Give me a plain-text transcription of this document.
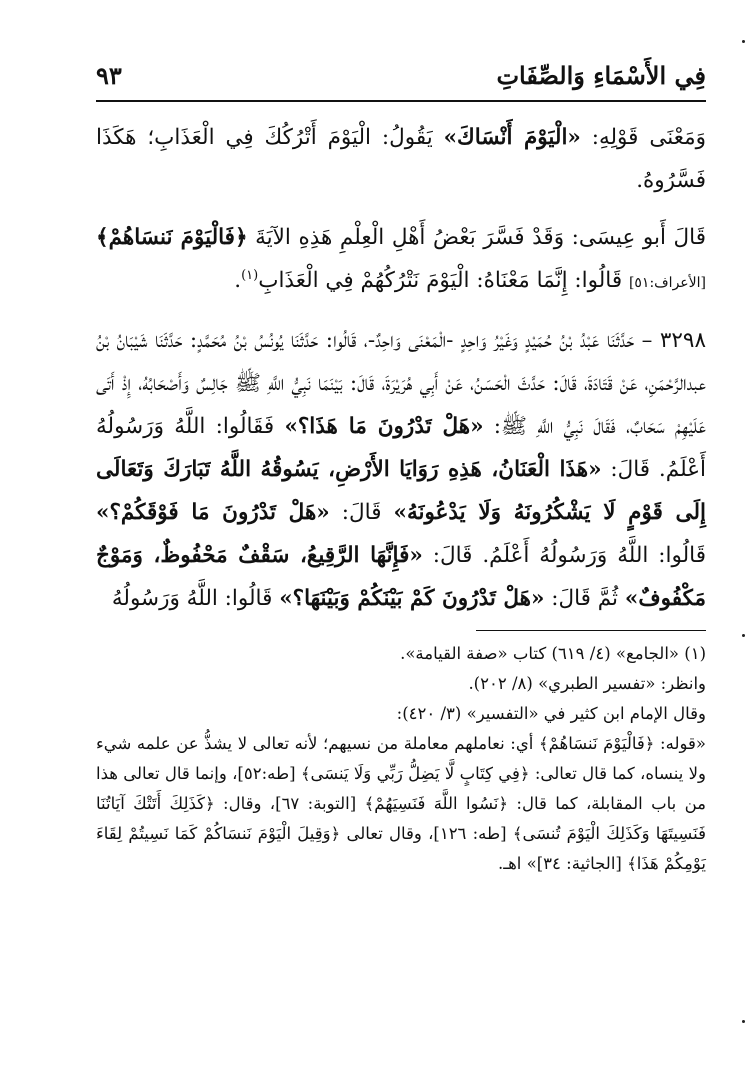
فِي الأَسْمَاءِ وَالصِّفَاتِ
٩٣

وَمَعْنَى قَوْلِهِ: «الْيَوْمَ أَنْسَاكَ» يَقُولُ: الْيَوْمَ أَتْرُكُكَ فِي الْعَذَابِ؛ هَكَذَا فَسَّرُوهُ.

قَالَ أَبو عِيسَى: وَقَدْ فَسَّرَ بَعْضُ أَهْلِ الْعِلْمِ هَذِهِ الآيَةَ ﴿فَالْيَوْمَ نَنسَاهُمْ﴾ [الأعراف:٥١] قَالُوا: إِنَّمَا مَعْنَاهُ: الْيَوْمَ نَتْرُكُهُمْ فِي الْعَذَابِ$^{(١)}$.

٣٢٩٨ – حَدَّثَنَا عَبْدُ بْنُ حُمَيْدٍ وَغَيْرُ وَاحِدٍ -الْمَعْنَى وَاحِدٌ-، قَالُوا: حَدَّثَنَا يُونُسُ بْنُ مُحَمَّدٍ: حَدَّثَنَا شَيْبَانُ بْنُ عبدالرَّحْمَنِ، عَنْ قَتَادَةَ، قَالَ: حَدَّثَ الْحَسَنُ، عَنْ أَبِي هُرَيْرَةَ، قَالَ: بَيْنَمَا نَبِيُّ اللَّهِ ﷺ جَالِسٌ وَأَصْحَابُهُ، إِذْ أَتَى عَلَيْهِمْ سَحَابٌ، فَقَالَ نَبِيُّ اللَّهِ ﷺ: «هَلْ تَدْرُونَ مَا هَذَا؟» فَقَالُوا: اللَّهُ وَرَسُولُهُ أَعْلَمُ. قَالَ: «هَذَا الْعَنَانُ، هَذِهِ رَوَايَا الأَرْضِ، يَسُوقُهُ اللَّهُ تَبَارَكَ وَتَعَالَى إِلَى قَوْمٍ لَا يَشْكُرُونَهُ وَلَا يَدْعُونَهُ» قَالَ: «هَلْ تَدْرُونَ مَا فَوْقَكُمْ؟» قَالُوا: اللَّهُ وَرَسُولُهُ أَعْلَمُ. قَالَ: «فَإِنَّهَا الرَّقِيعُ، سَقْفٌ مَحْفُوظٌ، وَمَوْجٌ مَكْفُوفٌ» ثُمَّ قَالَ: «هَلْ تَدْرُونَ كَمْ بَيْنَكُمْ وَبَيْنَهَا؟» قَالُوا: اللَّهُ وَرَسُولُهُ

(١) «الجامع» (٤/ ٦١٩) كتاب «صفة القيامة».

وانظر: «تفسير الطبري» (٨/ ٢٠٢).

وقال الإمام ابن كثير في «التفسير» (٣/ ٤٢٠):

«قوله: ﴿فَالْيَوْمَ نَنسَاهُمْ﴾ أي: نعاملهم معاملة من نسيهم؛ لأنه تعالى لا يشذُّ عن علمه شيء ولا ينساه، كما قال تعالى: ﴿فِي كِتَابٍ لَّا يَضِلُّ رَبِّي وَلَا يَنسَى﴾ [طه:٥٢]، وإنما قال تعالى هذا من باب المقابلة، كما قال: ﴿نَسُوا اللَّهَ فَنَسِيَهُمْ﴾ [التوبة: ٦٧]، وقال: ﴿كَذَلِكَ أَتَتْكَ آيَاتُنَا فَنَسِيتَهَا وَكَذَلِكَ الْيَوْمَ تُنسَى﴾ [طه: ١٢٦]، وقال تعالى ﴿وَقِيلَ الْيَوْمَ نَنسَاكُمْ كَمَا نَسِيتُمْ لِقَاءَ يَوْمِكُمْ هَذَا﴾ [الجاثية: ٣٤]» اهـ.
